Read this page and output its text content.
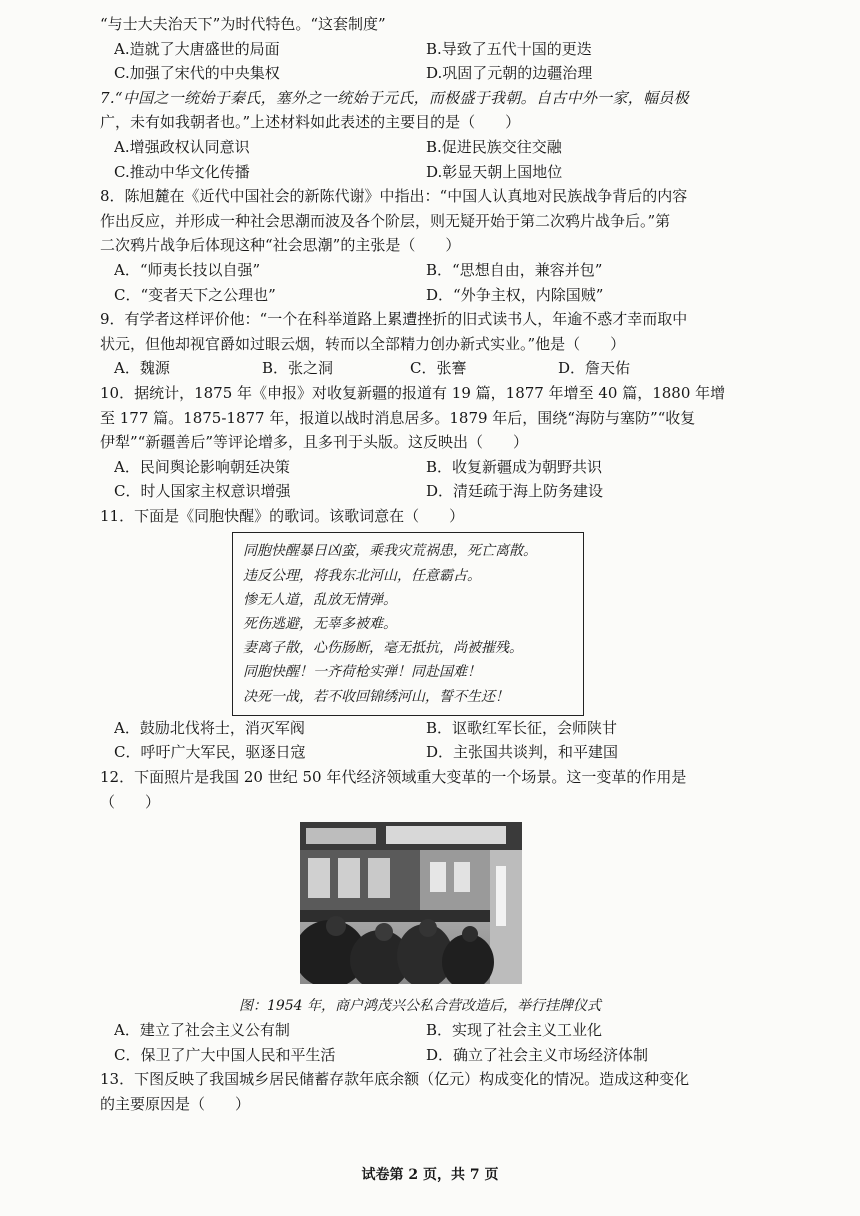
“与士大夫治天下”为时代特色。“这套制度”
A.造就了大唐盛世的局面	B.导致了五代十国的更迭
C.加强了宋代的中央集权	D.巩固了元朝的边疆治理
7.“中国之一统始于秦氏，塞外之一统始于元氏，而极盛于我朝。自古中外一家，幅员极
广，未有如我朝者也。”上述材料如此表述的主要目的是（　　）
A.增强政权认同意识	B.促进民族交往交融
C.推动中华文化传播	D.彰显天朝上国地位
8．陈旭麓在《近代中国社会的新陈代谢》中指出：“中国人认真地对民族战争背后的内容
作出反应，并形成一种社会思潮而波及各个阶层，则无疑开始于第二次鸦片战争后。”第
二次鸦片战争后体现这种“社会思潮”的主张是（　　）
A．“师夷长技以自强”	B．“思想自由，兼容并包”
C．“变者天下之公理也”	D．“外争主权，内除国贼”
9．有学者这样评价他：“一个在科举道路上累遭挫折的旧式读书人，年逾不惑才幸而取中
状元，但他却视官爵如过眼云烟，转而以全部精力创办新式实业。”他是（　　）
A．魏源	B．张之洞	C．张謇	D．詹天佑
10．据统计，1875 年《申报》对收复新疆的报道有 19 篇，1877 年增至 40 篇，1880 年增
至 177 篇。1875-1877 年，报道以战时消息居多。1879 年后，围绕“海防与塞防”“收复
伊犁”“新疆善后”等评论增多，且多刊于头版。这反映出（　　）
A．民间舆论影响朝廷决策	B．收复新疆成为朝野共识
C．时人国家主权意识增强	D．清廷疏于海上防务建设
11．下面是《同胞快醒》的歌词。该歌词意在（　　）
同胞快醒暴日凶蛮，乘我灾荒祸患，死亡离散。
违反公理，将我东北河山，任意霸占。
惨无人道，乱放无情弹。
死伤逃避，无辜多被难。
妻离子散，心伤肠断，毫无抵抗，尚被摧残。
同胞快醒！一齐荷枪实弹！同赴国难！
决死一战，若不收回锦绣河山，誓不生还！
A．鼓励北伐将士，消灭军阀	B．讴歌红军长征，会师陕甘
C．呼吁广大军民，驱逐日寇	D．主张国共谈判，和平建国
12．下面照片是我国 20 世纪 50 年代经济领域重大变革的一个场景。这一变革的作用是
（　　）
图：1954 年，商户鸿茂兴公私合营改造后，举行挂牌仪式
A．建立了社会主义公有制	B．实现了社会主义工业化
C．保卫了广大中国人民和平生活	D．确立了社会主义市场经济体制
13．下图反映了我国城乡居民储蓄存款年底余额（亿元）构成变化的情况。造成这种变化
的主要原因是（　　）
试卷第 2 页，共 7 页
